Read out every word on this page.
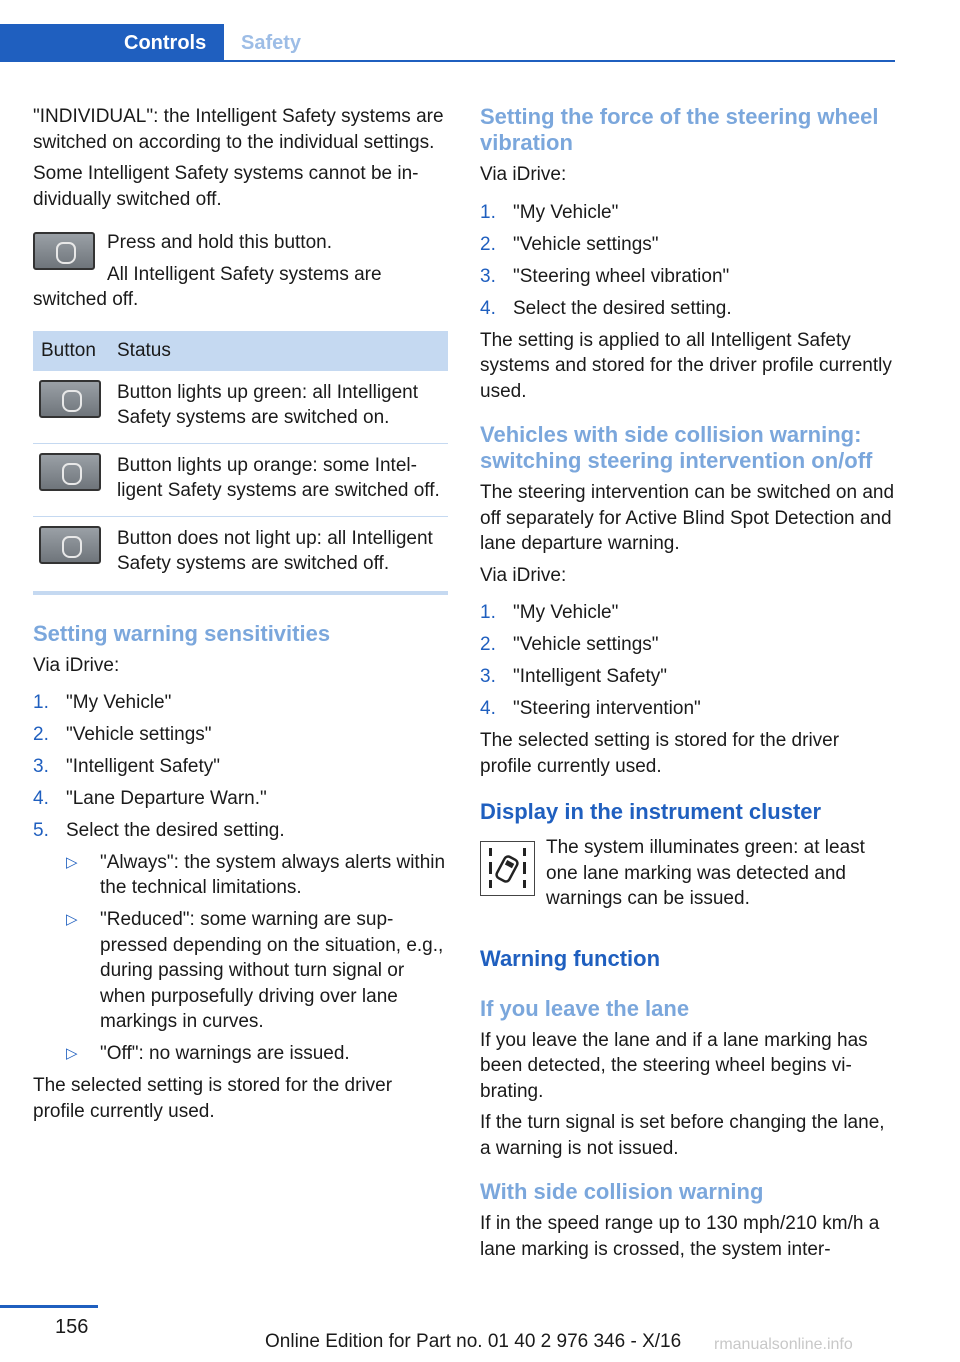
Controls	Safety

"INDIVIDUAL": the Intelligent Safety systems are switched on according to the individual settings.

Some Intelligent Safety systems cannot be individually switched off.

Press and hold this button.

All Intelligent Safety systems are

switched off.

Button	Status
	Button lights up green: all Intelligent Safety systems are switched on.
	Button lights up orange: some Intelligent Safety systems are switched off.
	Button does not light up: all Intelligent Safety systems are switched off.
Setting warning sensitivities

Via iDrive:

1. "My Vehicle"
2. "Vehicle settings"
3. "Intelligent Safety"
4. "Lane Departure Warn."
5. Select the desired setting.
▷ "Always": the system always alerts within the technical limitations.
▷ "Reduced": some warning are suppressed depending on the situation, e.g., during passing without turn signal or when purposefully driving over lane markings in curves.
▷ "Off": no warnings are issued.

The selected setting is stored for the driver profile currently used.

Setting the force of the steering wheel vibration

Via iDrive:

1. "My Vehicle"
2. "Vehicle settings"
3. "Steering wheel vibration"
4. Select the desired setting.

The setting is applied to all Intelligent Safety systems and stored for the driver profile currently used.

Vehicles with side collision warning: switching steering intervention on/off

The steering intervention can be switched on and off separately for Active Blind Spot Detection and lane departure warning.

Via iDrive:

1. "My Vehicle"
2. "Vehicle settings"
3. "Intelligent Safety"
4. "Steering intervention"

The selected setting is stored for the driver profile currently used.

Display in the instrument cluster

The system illuminates green: at least one lane marking was detected and warnings can be issued.

Warning function
If you leave the lane

If you leave the lane and if a lane marking has been detected, the steering wheel begins vibrating.

If the turn signal is set before changing the lane, a warning is not issued.

With side collision warning

If in the speed range up to 130 mph/210 km/h a lane marking is crossed, the system inter-

156
Online Edition for Part no. 01 40 2 976 346 - X/16 rmanualsonline.info
